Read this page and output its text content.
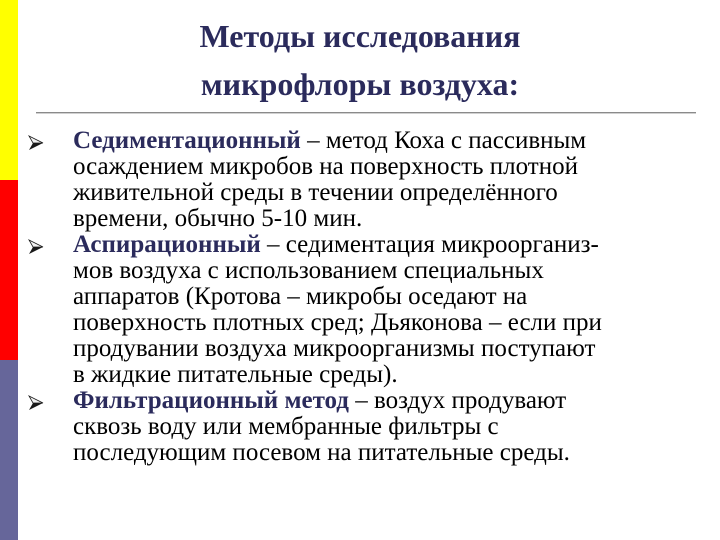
Методы исследования
микрофлоры воздуха:
Седиментационный – метод Коха с пассивным
осаждением микробов на поверхность плотной
живительной среды в течении определённого
времени, обычно 5-10 мин.
Аспирационный – седиментация микроорганиз-
мов воздуха с использованием специальных
аппаратов (Кротова – микробы оседают на
поверхность плотных сред; Дьяконова – если при
продувании воздуха микроорганизмы поступают
в жидкие питательные среды).
Фильтрационный метод – воздух продувают
сквозь воду или мембранные фильтры с
последующим посевом на питательные среды.
